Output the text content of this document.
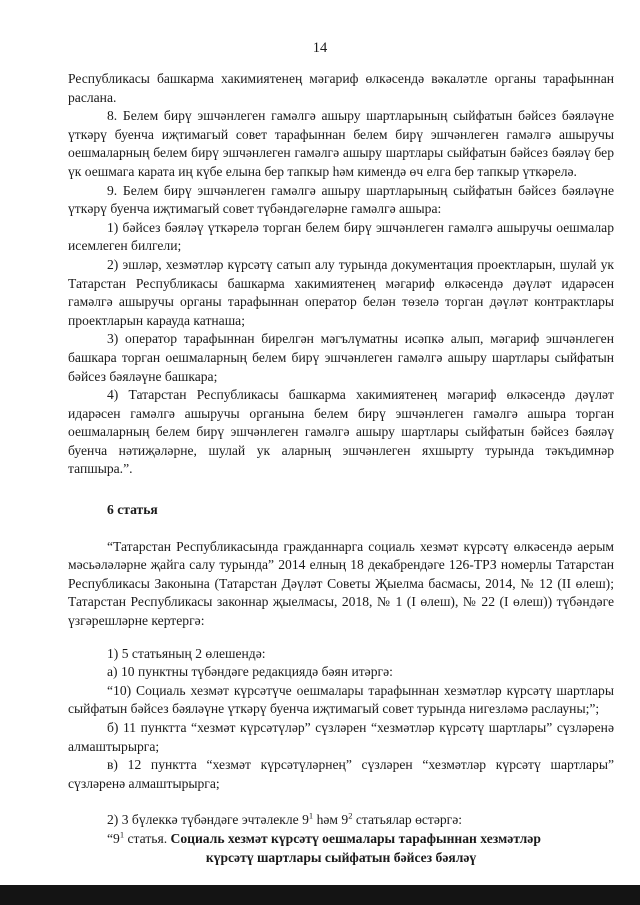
14

Республикасы башкарма хакимиятенең мәгариф өлкәсендә вәкаләтле органы тарафыннан раслана.

8. Белем бирү эшчәнлеген гамәлгә ашыру шартларының сыйфатын бәйсез бәяләүне үткәрү буенча иҗтимагый совет тарафыннан белем бирү эшчәнлеген гамәлгә ашыручы оешмаларның белем бирү эшчәнлеген гамәлгә ашыру шартлары сыйфатын бәйсез бәяләү бер үк оешмага карата иң күбе елына бер тапкыр һәм кимендә өч елга бер тапкыр үткәрелә.

9. Белем бирү эшчәнлеген гамәлгә ашыру шартларының сыйфатын бәйсез бәяләүне үткәрү буенча иҗтимагый совет түбәндәгеләрне гамәлгә ашыра:

1) бәйсез бәяләү үткәрелә торган белем бирү эшчәнлеген гамәлгә ашыручы оешмалар исемлеген билгели;

2) эшләр, хезмәтләр күрсәтү сатып алу турында документация проектларын, шулай ук Татарстан Республикасы башкарма хакимиятенең мәгариф өлкәсендә дәүләт идарәсен гамәлгә ашыручы органы тарафыннан оператор белән төзелә торган дәүләт контрактлары проектларын карауда катнаша;

3) оператор тарафыннан бирелгән мәгълүматны исәпкә алып, мәгариф эшчәнлеген башкара торган оешмаларның белем бирү эшчәнлеген гамәлгә ашыру шартлары сыйфатын бәйсез бәяләүне башкара;

4) Татарстан Республикасы башкарма хакимиятенең мәгариф өлкәсендә дәүләт идарәсен гамәлгә ашыручы органына белем бирү эшчәнлеген гамәлгә ашыра торган оешмаларның белем бирү эшчәнлеген гамәлгә ашыру шартлары сыйфатын бәйсез бәяләү буенча нәтиҗәләрне, шулай ук аларның эшчәнлеген яхшырту турында тәкъдимнәр тапшыра.”.

6 статья

“Татарстан Республикасында гражданнарга социаль хезмәт күрсәтү өлкәсендә аерым мәсьәләләрне җайга салу турында” 2014 елның 18 декабрендәге 126-ТРЗ номерлы Татарстан Республикасы Законына (Татарстан Дәүләт Советы Җыелма басмасы, 2014, № 12 (II өлеш); Татарстан Республикасы законнар җыелмасы, 2018, № 1 (I өлеш), № 22 (I өлеш)) түбәндәге үзгәрешләрне кертергә:

1) 5 статьяның 2 өлешендә:

а) 10 пунктны түбәндәге редакциядә бәян итәргә:

“10) Социаль хезмәт күрсәтүче оешмалары тарафыннан хезмәтләр күрсәтү шартлары сыйфатын бәйсез бәяләүне үткәрү буенча иҗтимагый совет турында нигезләмә раслауны;”;

б) 11 пунктта “хезмәт күрсәтүләр” сүзләрен “хезмәтләр күрсәтү шартлары” сүзләренә алмаштырырга;

в) 12 пунктта “хезмәт күрсәтүләрнең” сүзләрен “хезмәтләр күрсәтү шартлары” сүзләренә алмаштырырга;

2) 3 бүлеккә түбәндәге эчтәлекле $9^1$ һәм $9^2$ статьялар өстәргә:

“$9^1$ статья. Социаль хезмәт күрсәтү оешмалары тарафыннан хезмәтләр

күрсәтү шартлары сыйфатын бәйсез бәяләү
